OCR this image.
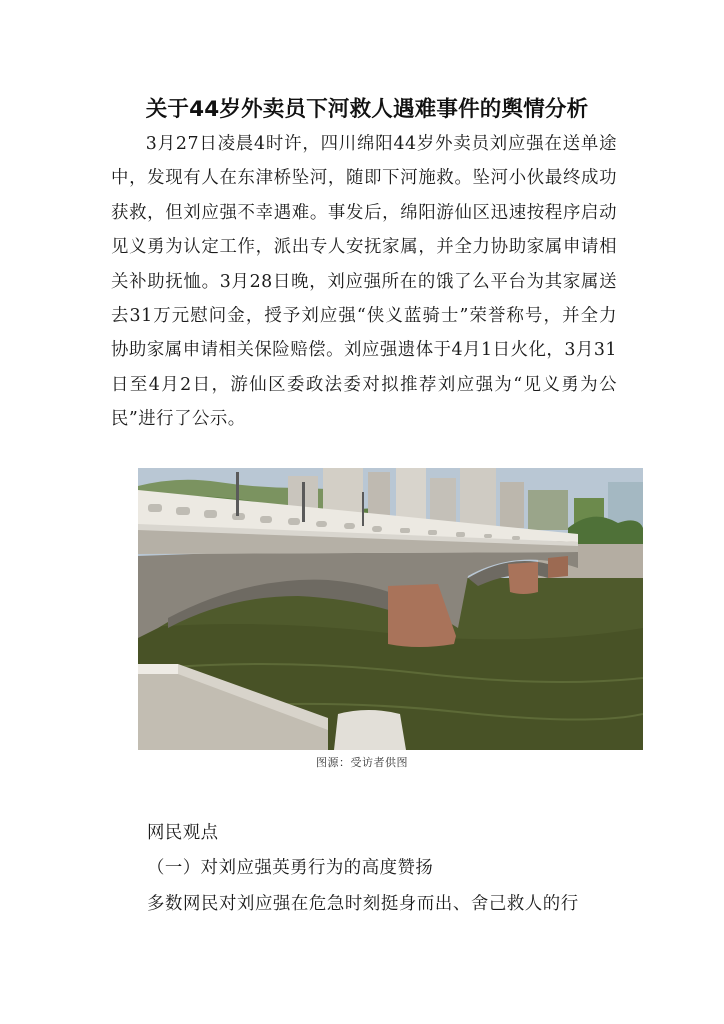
关于44岁外卖员下河救人遇难事件的舆情分析

3月27日凌晨4时许，四川绵阳44岁外卖员刘应强在送单途中，发现有人在东津桥坠河，随即下河施救。坠河小伙最终成功获救，但刘应强不幸遇难。事发后，绵阳游仙区迅速按程序启动见义勇为认定工作，派出专人安抚家属，并全力协助家属申请相关补助抚恤。3月28日晚，刘应强所在的饿了么平台为其家属送去31万元慰问金，授予刘应强“侠义蓝骑士”荣誉称号，并全力协助家属申请相关保险赔偿。刘应强遗体于4月1日火化，3月31日至4月2日，游仙区委政法委对拟推荐刘应强为“见义勇为公民”进行了公示。

图源：受访者供图

网民观点

（一）对刘应强英勇行为的高度赞扬

多数网民对刘应强在危急时刻挺身而出、舍己救人的行
